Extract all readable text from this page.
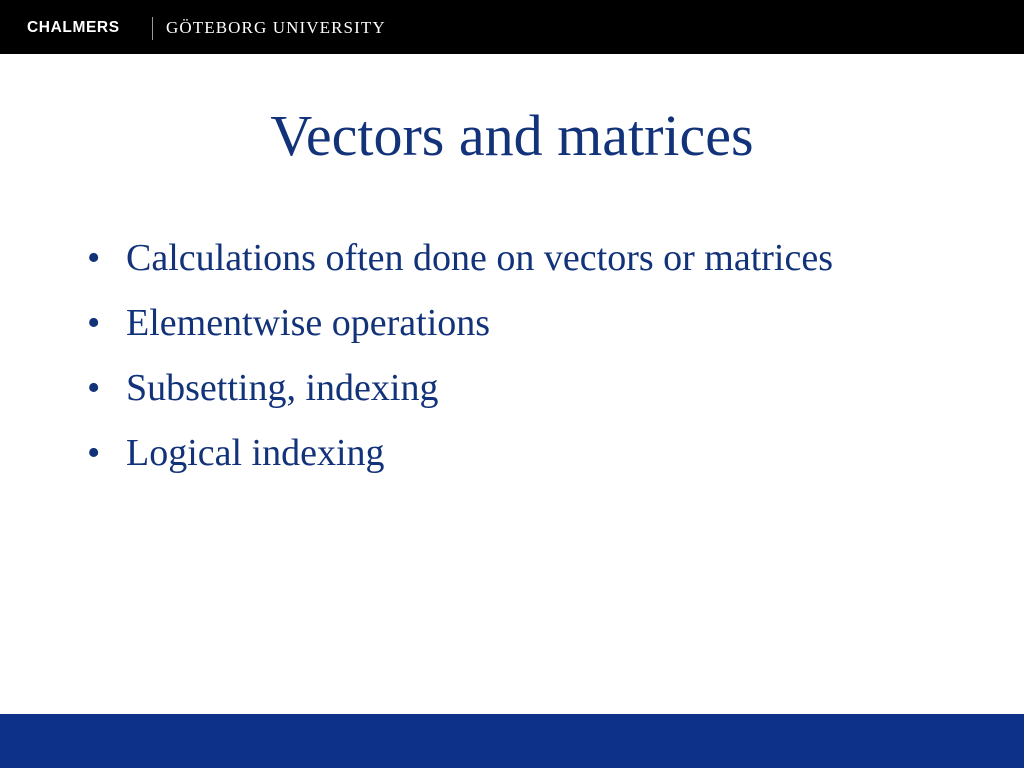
CHALMERS	GÖTEBORG UNIVERSITY
Vectors and matrices
• Calculations often done on vectors or matrices
• Elementwise operations
• Subsetting, indexing
• Logical indexing
